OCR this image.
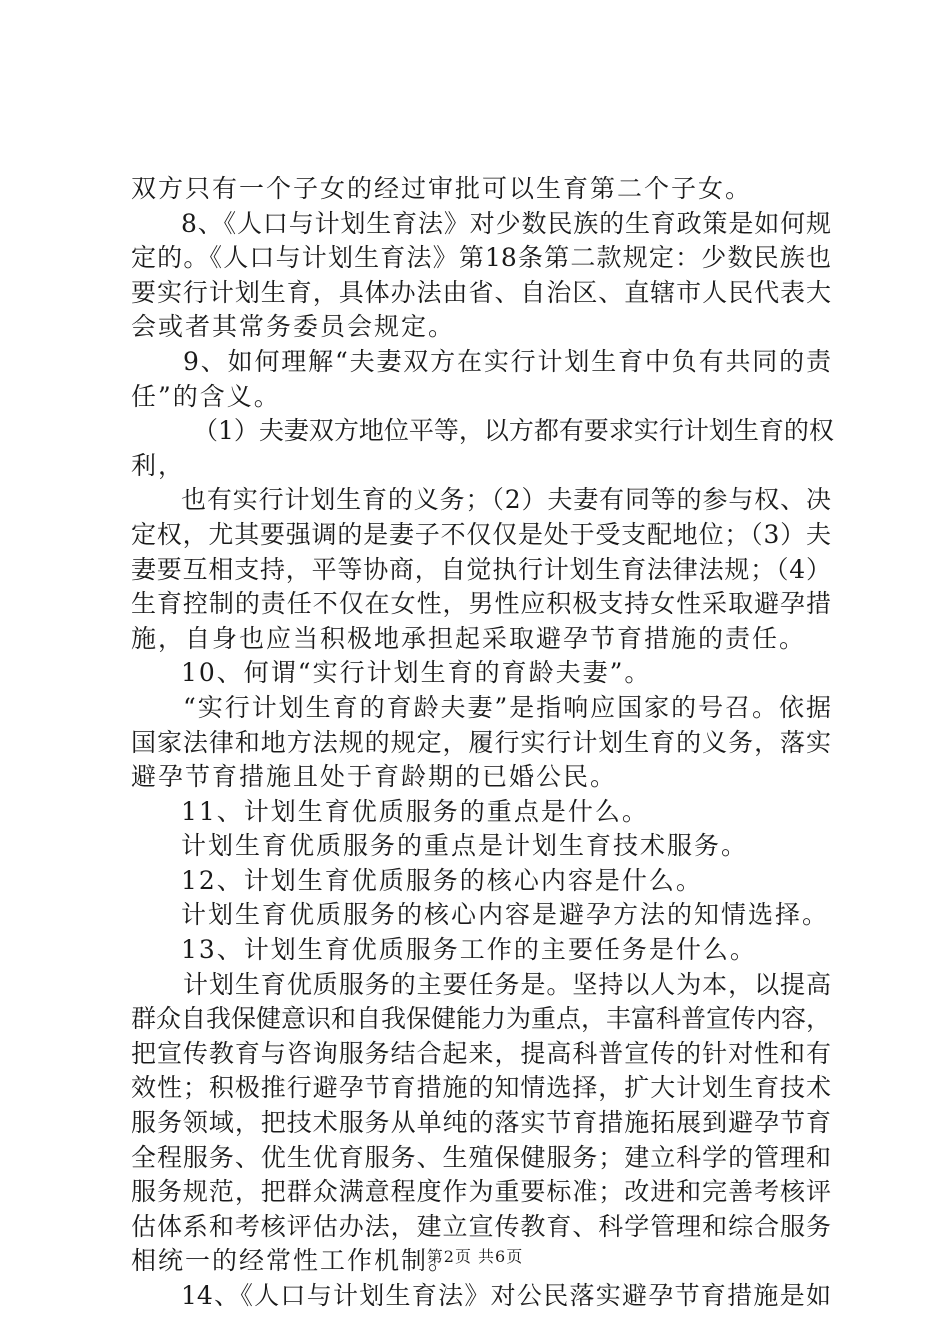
双方只有一个子女的经过审批可以生育第二个子女。
8、《人口与计划生育法》对少数民族的生育政策是如何规
定的。《人口与计划生育法》第18条第二款规定：少数民族也
要实行计划生育，具体办法由省、自治区、直辖市人民代表大
会或者其常务委员会规定。
9、如何理解“夫妻双方在实行计划生育中负有共同的责
任”的含义。
（1）夫妻双方地位平等，以方都有要求实行计划生育的权
利，
也有实行计划生育的义务；（2）夫妻有同等的参与权、决
定权，尤其要强调的是妻子不仅仅是处于受支配地位；（3）夫
妻要互相支持，平等协商，自觉执行计划生育法律法规；（4）
生育控制的责任不仅在女性，男性应积极支持女性采取避孕措
施，自身也应当积极地承担起采取避孕节育措施的责任。
10、何谓“实行计划生育的育龄夫妻”。
“实行计划生育的育龄夫妻”是指响应国家的号召。依据
国家法律和地方法规的规定，履行实行计划生育的义务，落实
避孕节育措施且处于育龄期的已婚公民。
11、计划生育优质服务的重点是什么。
计划生育优质服务的重点是计划生育技术服务。
12、计划生育优质服务的核心内容是什么。
计划生育优质服务的核心内容是避孕方法的知情选择。
13、计划生育优质服务工作的主要任务是什么。
计划生育优质服务的主要任务是。坚持以人为本，以提高
群众自我保健意识和自我保健能力为重点，丰富科普宣传内容，
把宣传教育与咨询服务结合起来，提高科普宣传的针对性和有
效性；积极推行避孕节育措施的知情选择，扩大计划生育技术
服务领域，把技术服务从单纯的落实节育措施拓展到避孕节育
全程服务、优生优育服务、生殖保健服务；建立科学的管理和
服务规范，把群众满意程度作为重要标准；改进和完善考核评
估体系和考核评估办法，建立宣传教育、科学管理和综合服务
相统一的经常性工作机制。
14、《人口与计划生育法》对公民落实避孕节育措施是如
第2页 共6页
